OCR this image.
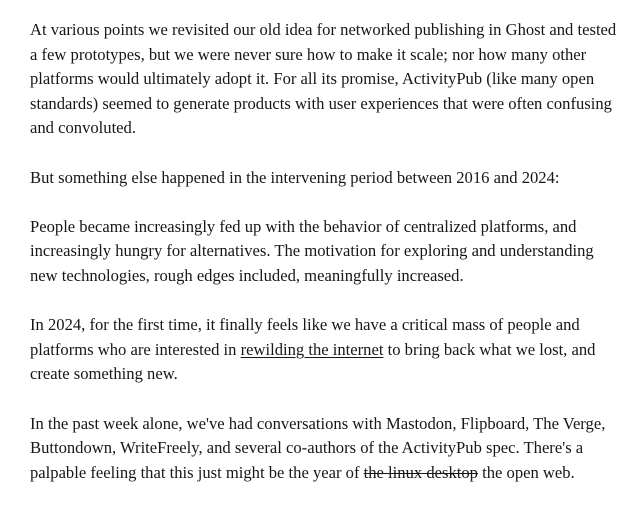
At various points we revisited our old idea for networked publishing in Ghost and tested a few prototypes, but we were never sure how to make it scale; nor how many other platforms would ultimately adopt it. For all its promise, ActivityPub (like many open standards) seemed to generate products with user experiences that were often confusing and convoluted.

But something else happened in the intervening period between 2016 and 2024:

People became increasingly fed up with the behavior of centralized platforms, and increasingly hungry for alternatives. The motivation for exploring and understanding new technologies, rough edges included, meaningfully increased.

In 2024, for the first time, it finally feels like we have a critical mass of people and platforms who are interested in rewilding the internet to bring back what we lost, and create something new.

In the past week alone, we've had conversations with Mastodon, Flipboard, The Verge, Buttondown, WriteFreely, and several co-authors of the ActivityPub spec. There's a palpable feeling that this just might be the year of the linux desktop the open web.
